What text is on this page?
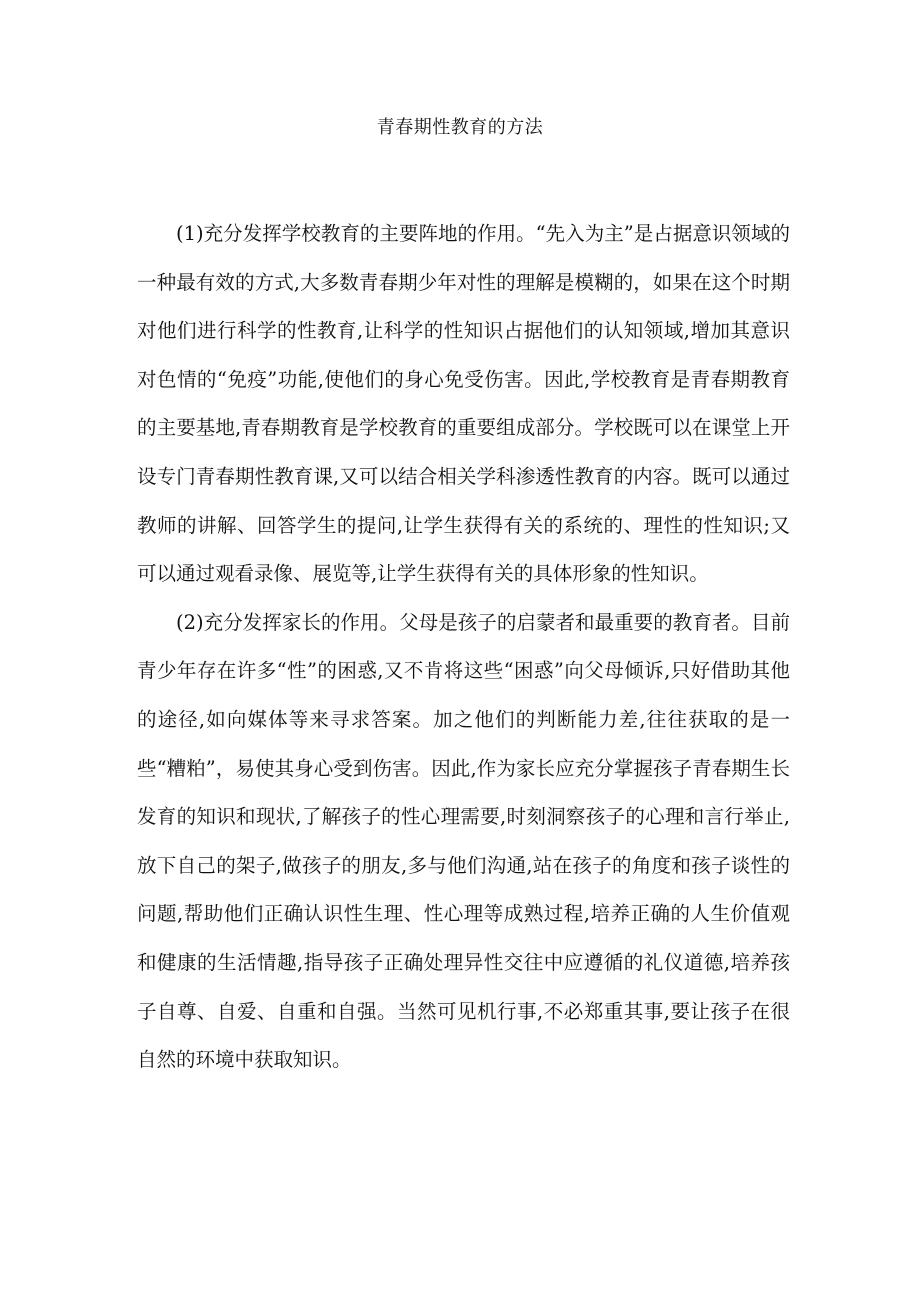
青春期性教育的方法

(1)充分发挥学校教育的主要阵地的作用。“先入为主”是占据意识领域的一种最有效的方式,大多数青春期少年对性的理解是模糊的，如果在这个时期对他们进行科学的性教育,让科学的性知识占据他们的认知领域,增加其意识对色情的“免疫”功能,使他们的身心免受伤害。因此,学校教育是青春期教育的主要基地,青春期教育是学校教育的重要组成部分。学校既可以在课堂上开设专门青春期性教育课,又可以结合相关学科渗透性教育的内容。既可以通过教师的讲解、回答学生的提问,让学生获得有关的系统的、理性的性知识;又可以通过观看录像、展览等,让学生获得有关的具体形象的性知识。

(2)充分发挥家长的作用。父母是孩子的启蒙者和最重要的教育者。目前青少年存在许多“性”的困惑,又不肯将这些“困惑”向父母倾诉,只好借助其他的途径,如向媒体等来寻求答案。加之他们的判断能力差,往往获取的是一些“糟粕”，易使其身心受到伤害。因此,作为家长应充分掌握孩子青春期生长发育的知识和现状,了解孩子的性心理需要,时刻洞察孩子的心理和言行举止,放下自己的架子,做孩子的朋友,多与他们沟通,站在孩子的角度和孩子谈性的问题,帮助他们正确认识性生理、性心理等成熟过程,培养正确的人生价值观和健康的生活情趣,指导孩子正确处理异性交往中应遵循的礼仪道德,培养孩子自尊、自爱、自重和自强。当然可见机行事,不必郑重其事,要让孩子在很自然的环境中获取知识。
